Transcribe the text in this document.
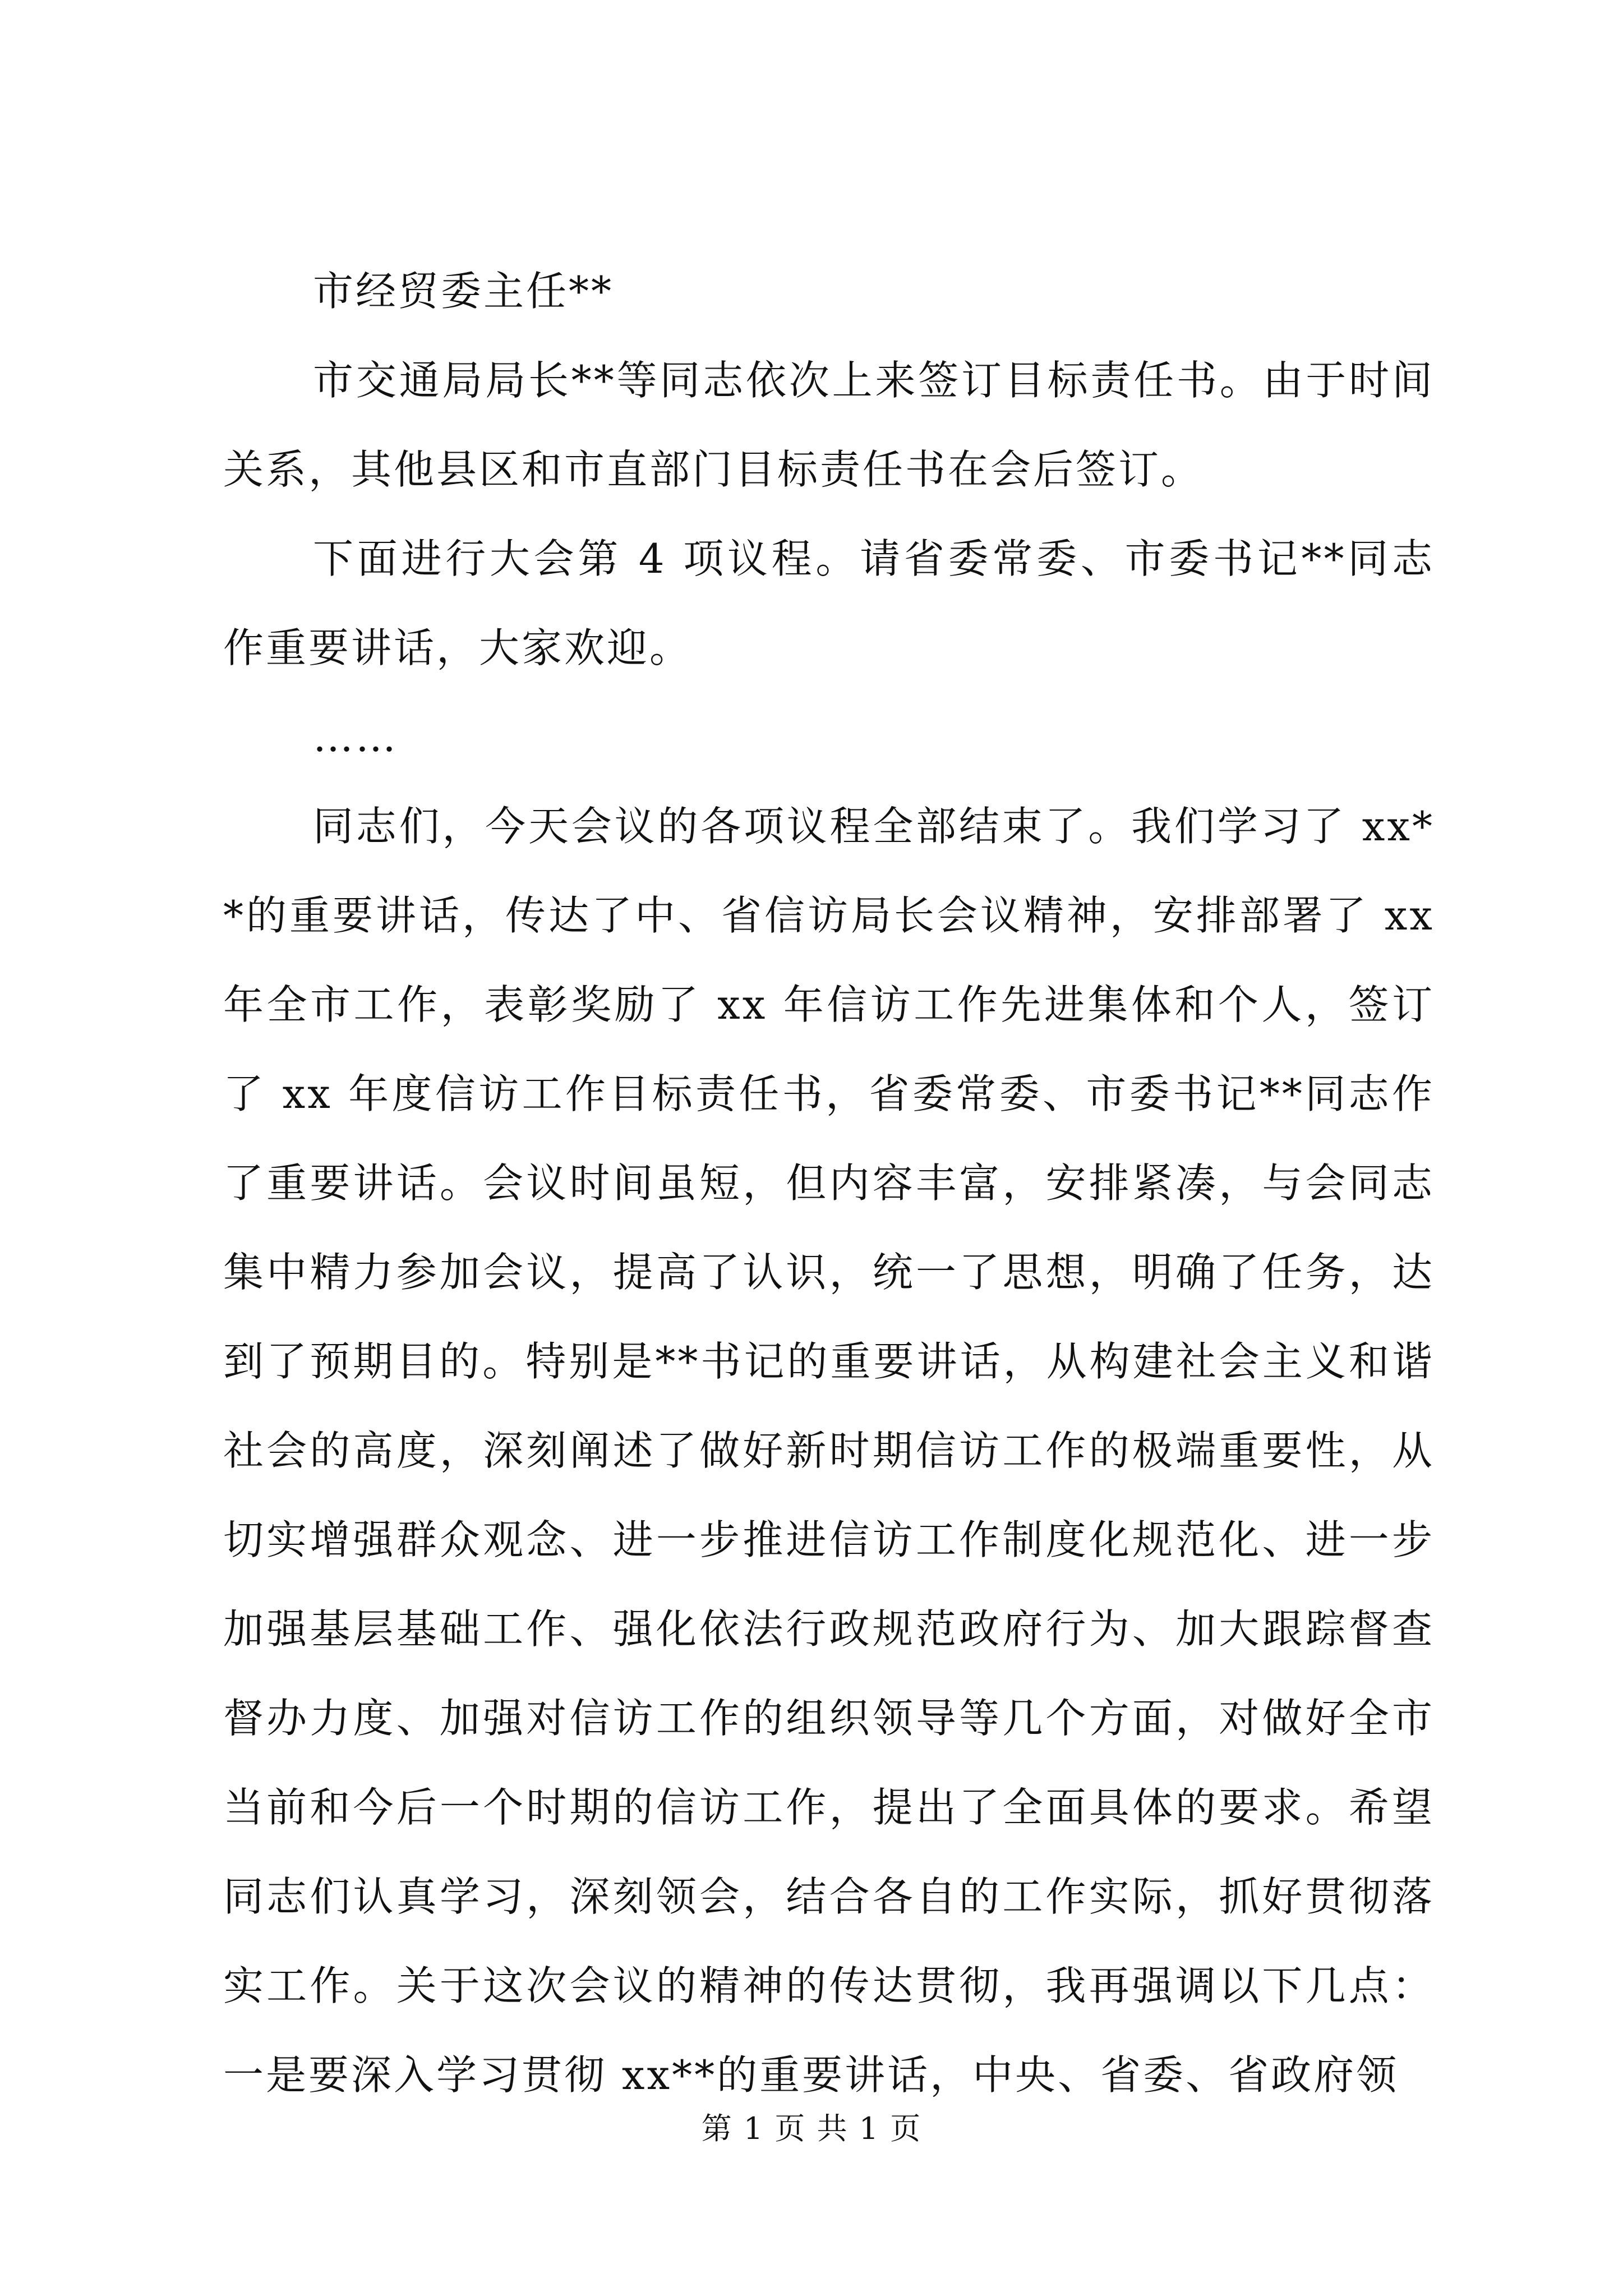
市经贸委主任**

市交通局局长**等同志依次上来签订目标责任书。由于时间关系，其他县区和市直部门目标责任书在会后签订。

下面进行大会第 4 项议程。请省委常委、市委书记**同志作重要讲话，大家欢迎。

……

同志们，今天会议的各项议程全部结束了。我们学习了 xx**的重要讲话，传达了中、省信访局长会议精神，安排部署了 xx 年全市工作，表彰奖励了 xx 年信访工作先进集体和个人，签订了 xx 年度信访工作目标责任书，省委常委、市委书记**同志作了重要讲话。会议时间虽短，但内容丰富，安排紧凑，与会同志集中精力参加会议，提高了认识，统一了思想，明确了任务，达到了预期目的。特别是**书记的重要讲话，从构建社会主义和谐社会的高度，深刻阐述了做好新时期信访工作的极端重要性，从切实增强群众观念、进一步推进信访工作制度化规范化、进一步加强基层基础工作、强化依法行政规范政府行为、加大跟踪督查督办力度、加强对信访工作的组织领导等几个方面，对做好全市当前和今后一个时期的信访工作，提出了全面具体的要求。希望同志们认真学习，深刻领会，结合各自的工作实际，抓好贯彻落实工作。关于这次会议的精神的传达贯彻，我再强调以下几点：一是要深入学习贯彻 xx**的重要讲话，中央、省委、省政府领

第 1 页 共 1 页
